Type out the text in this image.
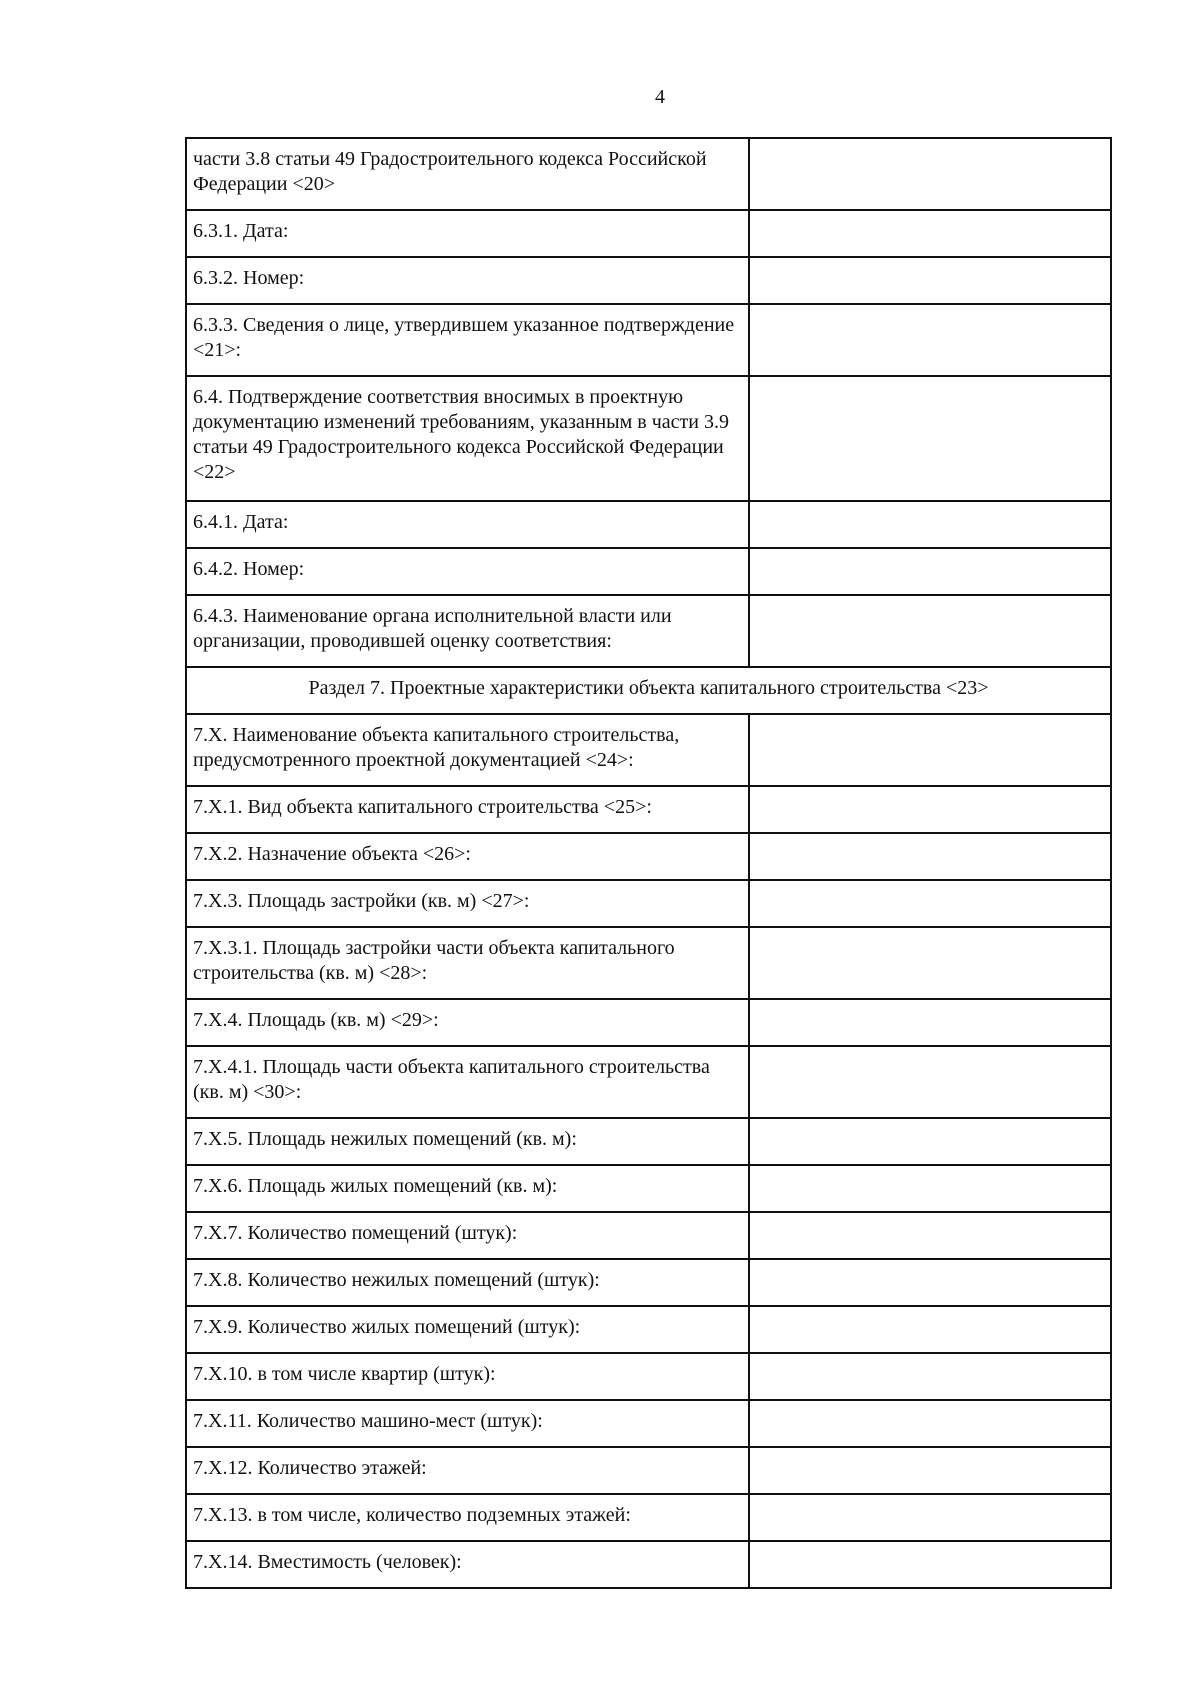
4
части 3.8 статьи 49 Градостроительного кодекса Российской Федерации <20>	
6.3.1. Дата:	
6.3.2. Номер:	
6.3.3. Сведения о лице, утвердившем указанное подтверждение <21>:	
6.4. Подтверждение соответствия вносимых в проектную документацию изменений требованиям, указанным в части 3.9 статьи 49 Градостроительного кодекса Российской Федерации <22>	
6.4.1. Дата:	
6.4.2. Номер:	
6.4.3. Наименование органа исполнительной власти или организации, проводившей оценку соответствия:	
Раздел 7. Проектные характеристики объекта капитального строительства <23>	
7.Х. Наименование объекта капитального строительства, предусмотренного проектной документацией <24>:	
7.Х.1. Вид объекта капитального строительства <25>:	
7.Х.2. Назначение объекта <26>:	
7.Х.3. Площадь застройки (кв. м) <27>:	
7.Х.3.1. Площадь застройки части объекта капитального строительства (кв. м) <28>:	
7.Х.4. Площадь (кв. м) <29>:	
7.Х.4.1. Площадь части объекта капитального строительства (кв. м) <30>:	
7.Х.5. Площадь нежилых помещений (кв. м):	
7.Х.6. Площадь жилых помещений (кв. м):	
7.Х.7. Количество помещений (штук):	
7.Х.8. Количество нежилых помещений (штук):	
7.Х.9. Количество жилых помещений (штук):	
7.Х.10. в том числе квартир (штук):	
7.Х.11. Количество машино-мест (штук):	
7.Х.12. Количество этажей:	
7.Х.13. в том числе, количество подземных этажей:	
7.Х.14. Вместимость (человек):	
